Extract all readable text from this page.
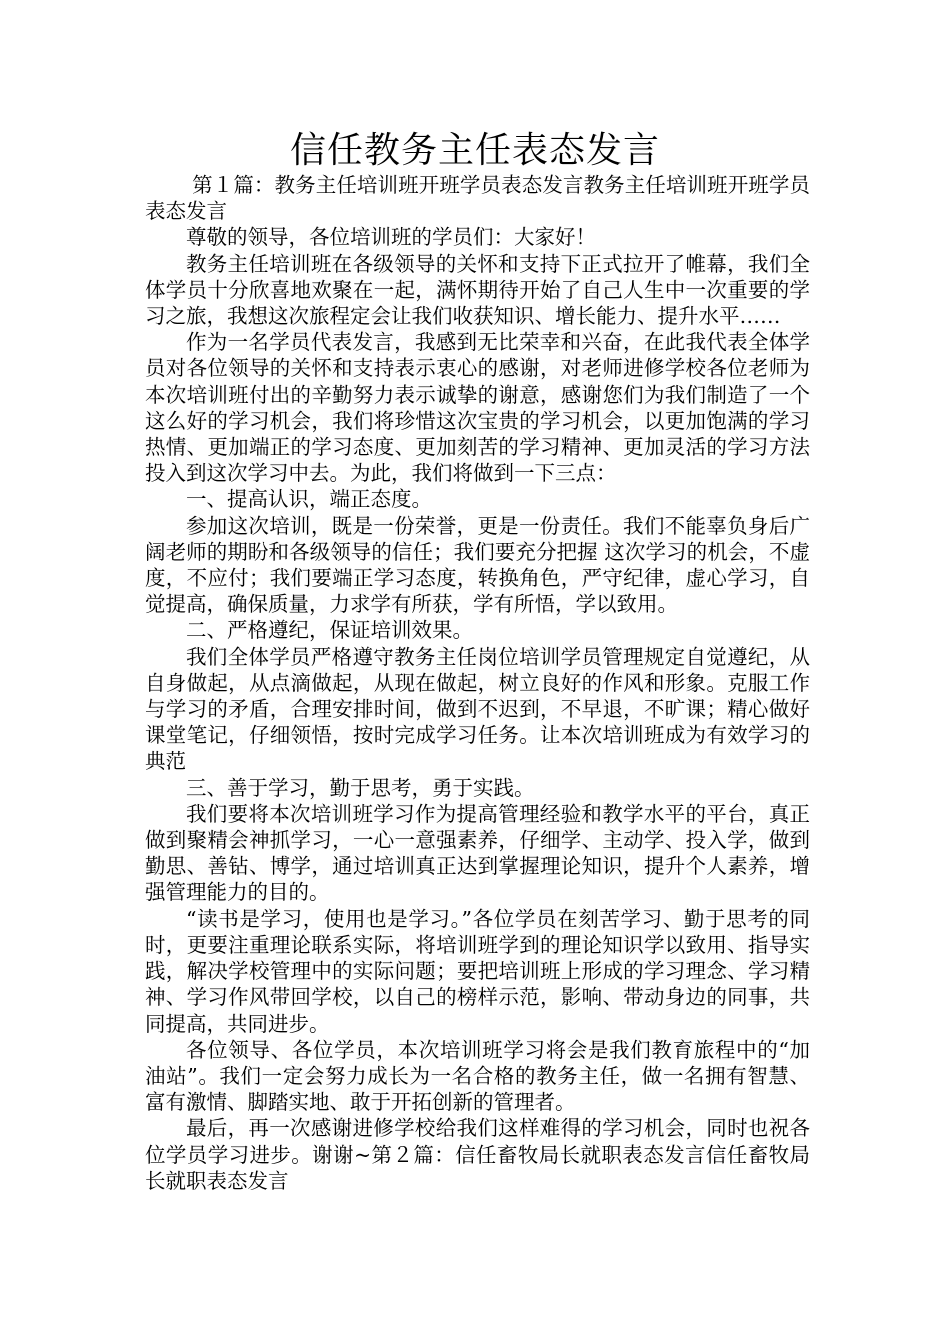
信任教务主任表态发言

第１篇：教务主任培训班开班学员表态发言教务主任培训班开班学员表态发言

尊敬的领导，各位培训班的学员们：大家好！

教务主任培训班在各级领导的关怀和支持下正式拉开了帷幕，我们全体学员十分欣喜地欢聚在一起，满怀期待开始了自己人生中一次重要的学习之旅，我想这次旅程定会让我们收获知识、增长能力、提升水平……

作为一名学员代表发言，我感到无比荣幸和兴奋，在此我代表全体学员对各位领导的关怀和支持表示衷心的感谢，对老师进修学校各位老师为本次培训班付出的辛勤努力表示诚挚的谢意，感谢您们为我们制造了一个这么好的学习机会，我们将珍惜这次宝贵的学习机会，以更加饱满的学习热情、更加端正的学习态度、更加刻苦的学习精神、更加灵活的学习方法投入到这次学习中去。为此，我们将做到一下三点：

一、提高认识，端正态度。

参加这次培训，既是一份荣誉，更是一份责任。我们不能辜负身后广阔老师的期盼和各级领导的信任；我们要充分把握 这次学习的机会，不虚度，不应付；我们要端正学习态度，转换角色，严守纪律，虚心学习，自觉提高，确保质量，力求学有所获，学有所悟，学以致用。

二、严格遵纪，保证培训效果。

我们全体学员严格遵守教务主任岗位培训学员管理规定自觉遵纪，从自身做起，从点滴做起，从现在做起，树立良好的作风和形象。克服工作与学习的矛盾，合理安排时间，做到不迟到，不早退，不旷课；精心做好课堂笔记，仔细领悟，按时完成学习任务。让本次培训班成为有效学习的典范

三、善于学习，勤于思考，勇于实践。

我们要将本次培训班学习作为提高管理经验和教学水平的平台，真正做到聚精会神抓学习，一心一意强素养，仔细学、主动学、投入学，做到勤思、善钻、博学，通过培训真正达到掌握理论知识，提升个人素养，增强管理能力的目的。

“读书是学习，使用也是学习。”各位学员在刻苦学习、勤于思考的同时，更要注重理论联系实际，将培训班学到的理论知识学以致用、指导实践，解决学校管理中的实际问题；要把培训班上形成的学习理念、学习精神、学习作风带回学校，以自己的榜样示范，影响、带动身边的同事，共同提高，共同进步。

各位领导、各位学员，本次培训班学习将会是我们教育旅程中的“加油站”。我们一定会努力成长为一名合格的教务主任，做一名拥有智慧、富有激情、脚踏实地、敢于开拓创新的管理者。

最后，再一次感谢进修学校给我们这样难得的学习机会，同时也祝各位学员学习进步。谢谢~第２篇：信任畜牧局长就职表态发言信任畜牧局长就职表态发言
